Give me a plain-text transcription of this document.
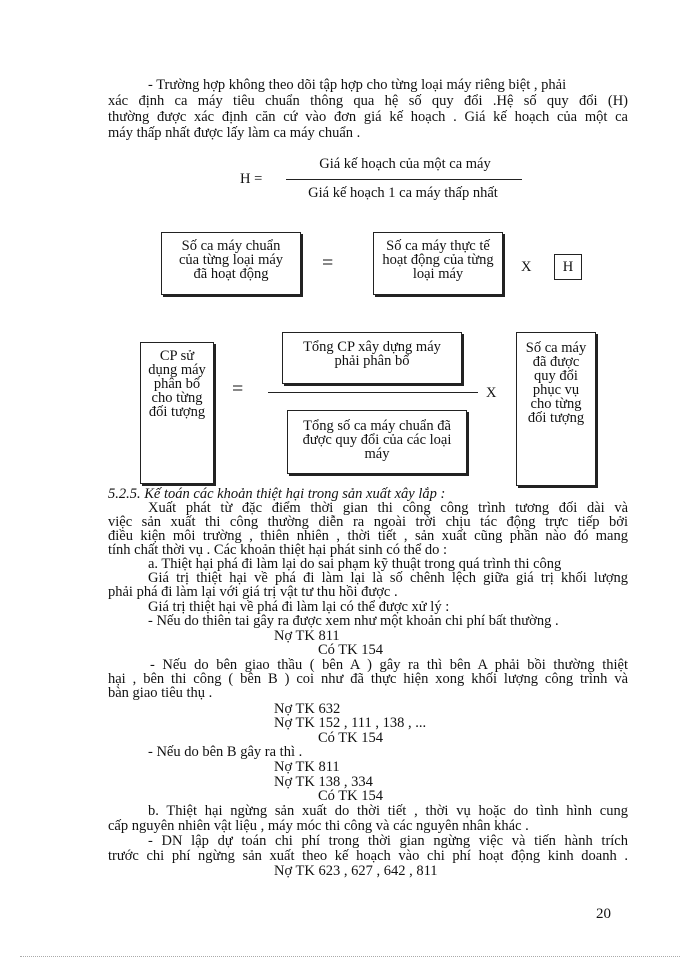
- Trường hợp không theo dõi tập hợp cho từng loại máy riêng biệt , phải
xác định ca máy tiêu chuẩn thông qua hệ số quy đổi .Hệ số quy đổi (H)
thường được xác định căn cứ vào đơn giá kế hoạch . Giá kế hoạch của một ca
máy thấp nhất được lấy làm ca máy chuẩn .
H =
Giá kế hoạch của một ca máy
Giá kế hoạch 1 ca máy thấp nhất
Số ca máy chuẩn của từng loại máy đã hoạt động	=
Số ca máy thực tế hoạt động của từng loại máy	X	H
CP sử dụng máy phân bổ cho từng đối tượng
=
Tổng CP xây dựng máy phải phân bổ
Tổng số ca máy chuẩn đã được quy đổi của các loại máy
X
Số ca máy đã được quy đổi phục vụ cho từng đối tượng
5.2.5. Kế toán các khoản thiệt hại trong sản xuất xây lắp :
Xuất phát từ đặc điểm thời gian thi công công trình tương đối dài và
việc sản xuất thi công thường diễn ra ngoài trời chịu tác động trực tiếp bởi
điều kiện môi trường , thiên nhiên , thời tiết , sản xuất cũng phần nào đó mang
tính chất thời vụ . Các khoản thiệt hại phát sinh có thể do :
a. Thiệt hại phá đi làm lại do sai phạm kỹ thuật trong quá trình thi công
Giá trị thiệt hại về phá đi làm lại là số chênh lệch giữa giá trị khối lượng
phải phá đi làm lại với giá trị vật tư thu hồi được .
Giá trị thiệt hại về phá đi làm lại có thể được xử lý :
- Nếu do thiên tai gây ra được xem như một khoản chi phí bất thường .
Nợ TK 811
Có TK 154
- Nếu do bên giao thầu ( bên A ) gây ra thì bên A phải bồi thường thiệt
hại , bên thi công ( bên B ) coi như đã thực hiện xong khối lượng công trình và
bàn giao tiêu thụ .
Nợ TK 632
Nợ TK 152 , 111 , 138 , ...
Có TK 154
- Nếu do bên B gây ra thì .
Nợ TK 811
Nợ TK 138 , 334
Có TK 154
b. Thiệt hại ngừng sản xuất do thời tiết , thời vụ hoặc do tình hình cung
cấp nguyên nhiên vật liệu , máy móc thi công và các nguyên nhân khác .
- DN lập dự toán chi phí trong thời gian ngừng việc và tiến hành trích
trước chi phí ngừng sản xuất theo kế hoạch vào chi phí hoạt động kinh doanh .
Nợ TK 623 , 627 , 642 , 811
20
